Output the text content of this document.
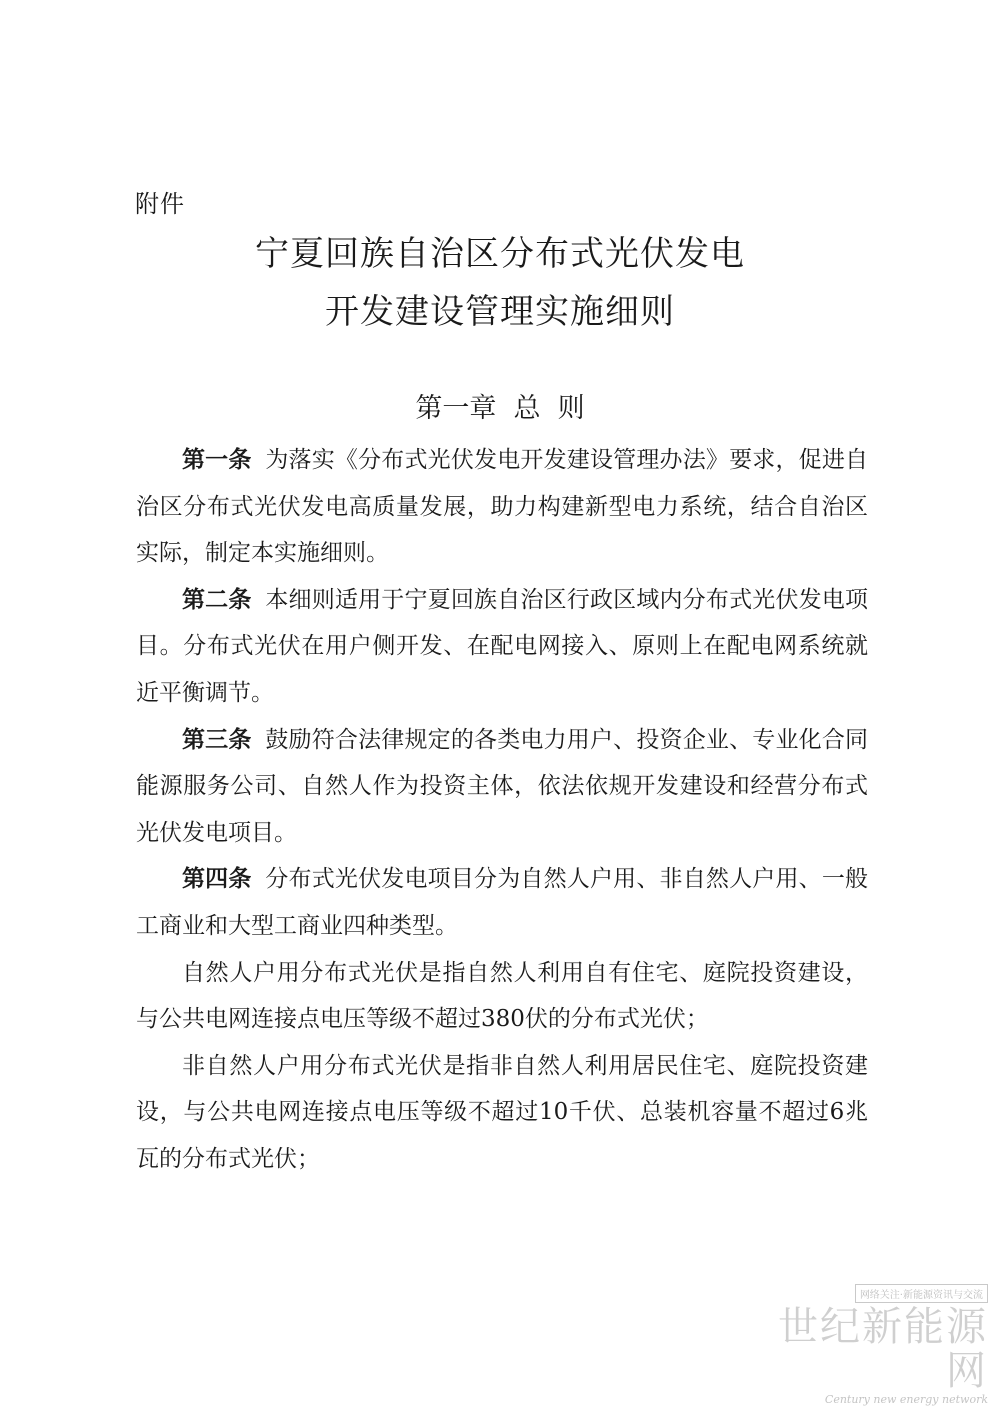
附件
宁夏回族自治区分布式光伏发电
开发建设管理实施细则
第一章  总  则

第一条 为落实《分布式光伏发电开发建设管理办法》要求，促进自治区分布式光伏发电高质量发展，助力构建新型电力系统，结合自治区实际，制定本实施细则。

第二条 本细则适用于宁夏回族自治区行政区域内分布式光伏发电项目。分布式光伏在用户侧开发、在配电网接入、原则上在配电网系统就近平衡调节。

第三条 鼓励符合法律规定的各类电力用户、投资企业、专业化合同能源服务公司、自然人作为投资主体，依法依规开发建设和经营分布式光伏发电项目。

第四条 分布式光伏发电项目分为自然人户用、非自然人户用、一般工商业和大型工商业四种类型。

自然人户用分布式光伏是指自然人利用自有住宅、庭院投资建设，与公共电网连接点电压等级不超过380伏的分布式光伏；

非自然人户用分布式光伏是指非自然人利用居民住宅、庭院投资建设，与公共电网连接点电压等级不超过10千伏、总装机容量不超过6兆瓦的分布式光伏；

网络关注·新能源资讯与交流
世纪新能源网
Century new energy network
